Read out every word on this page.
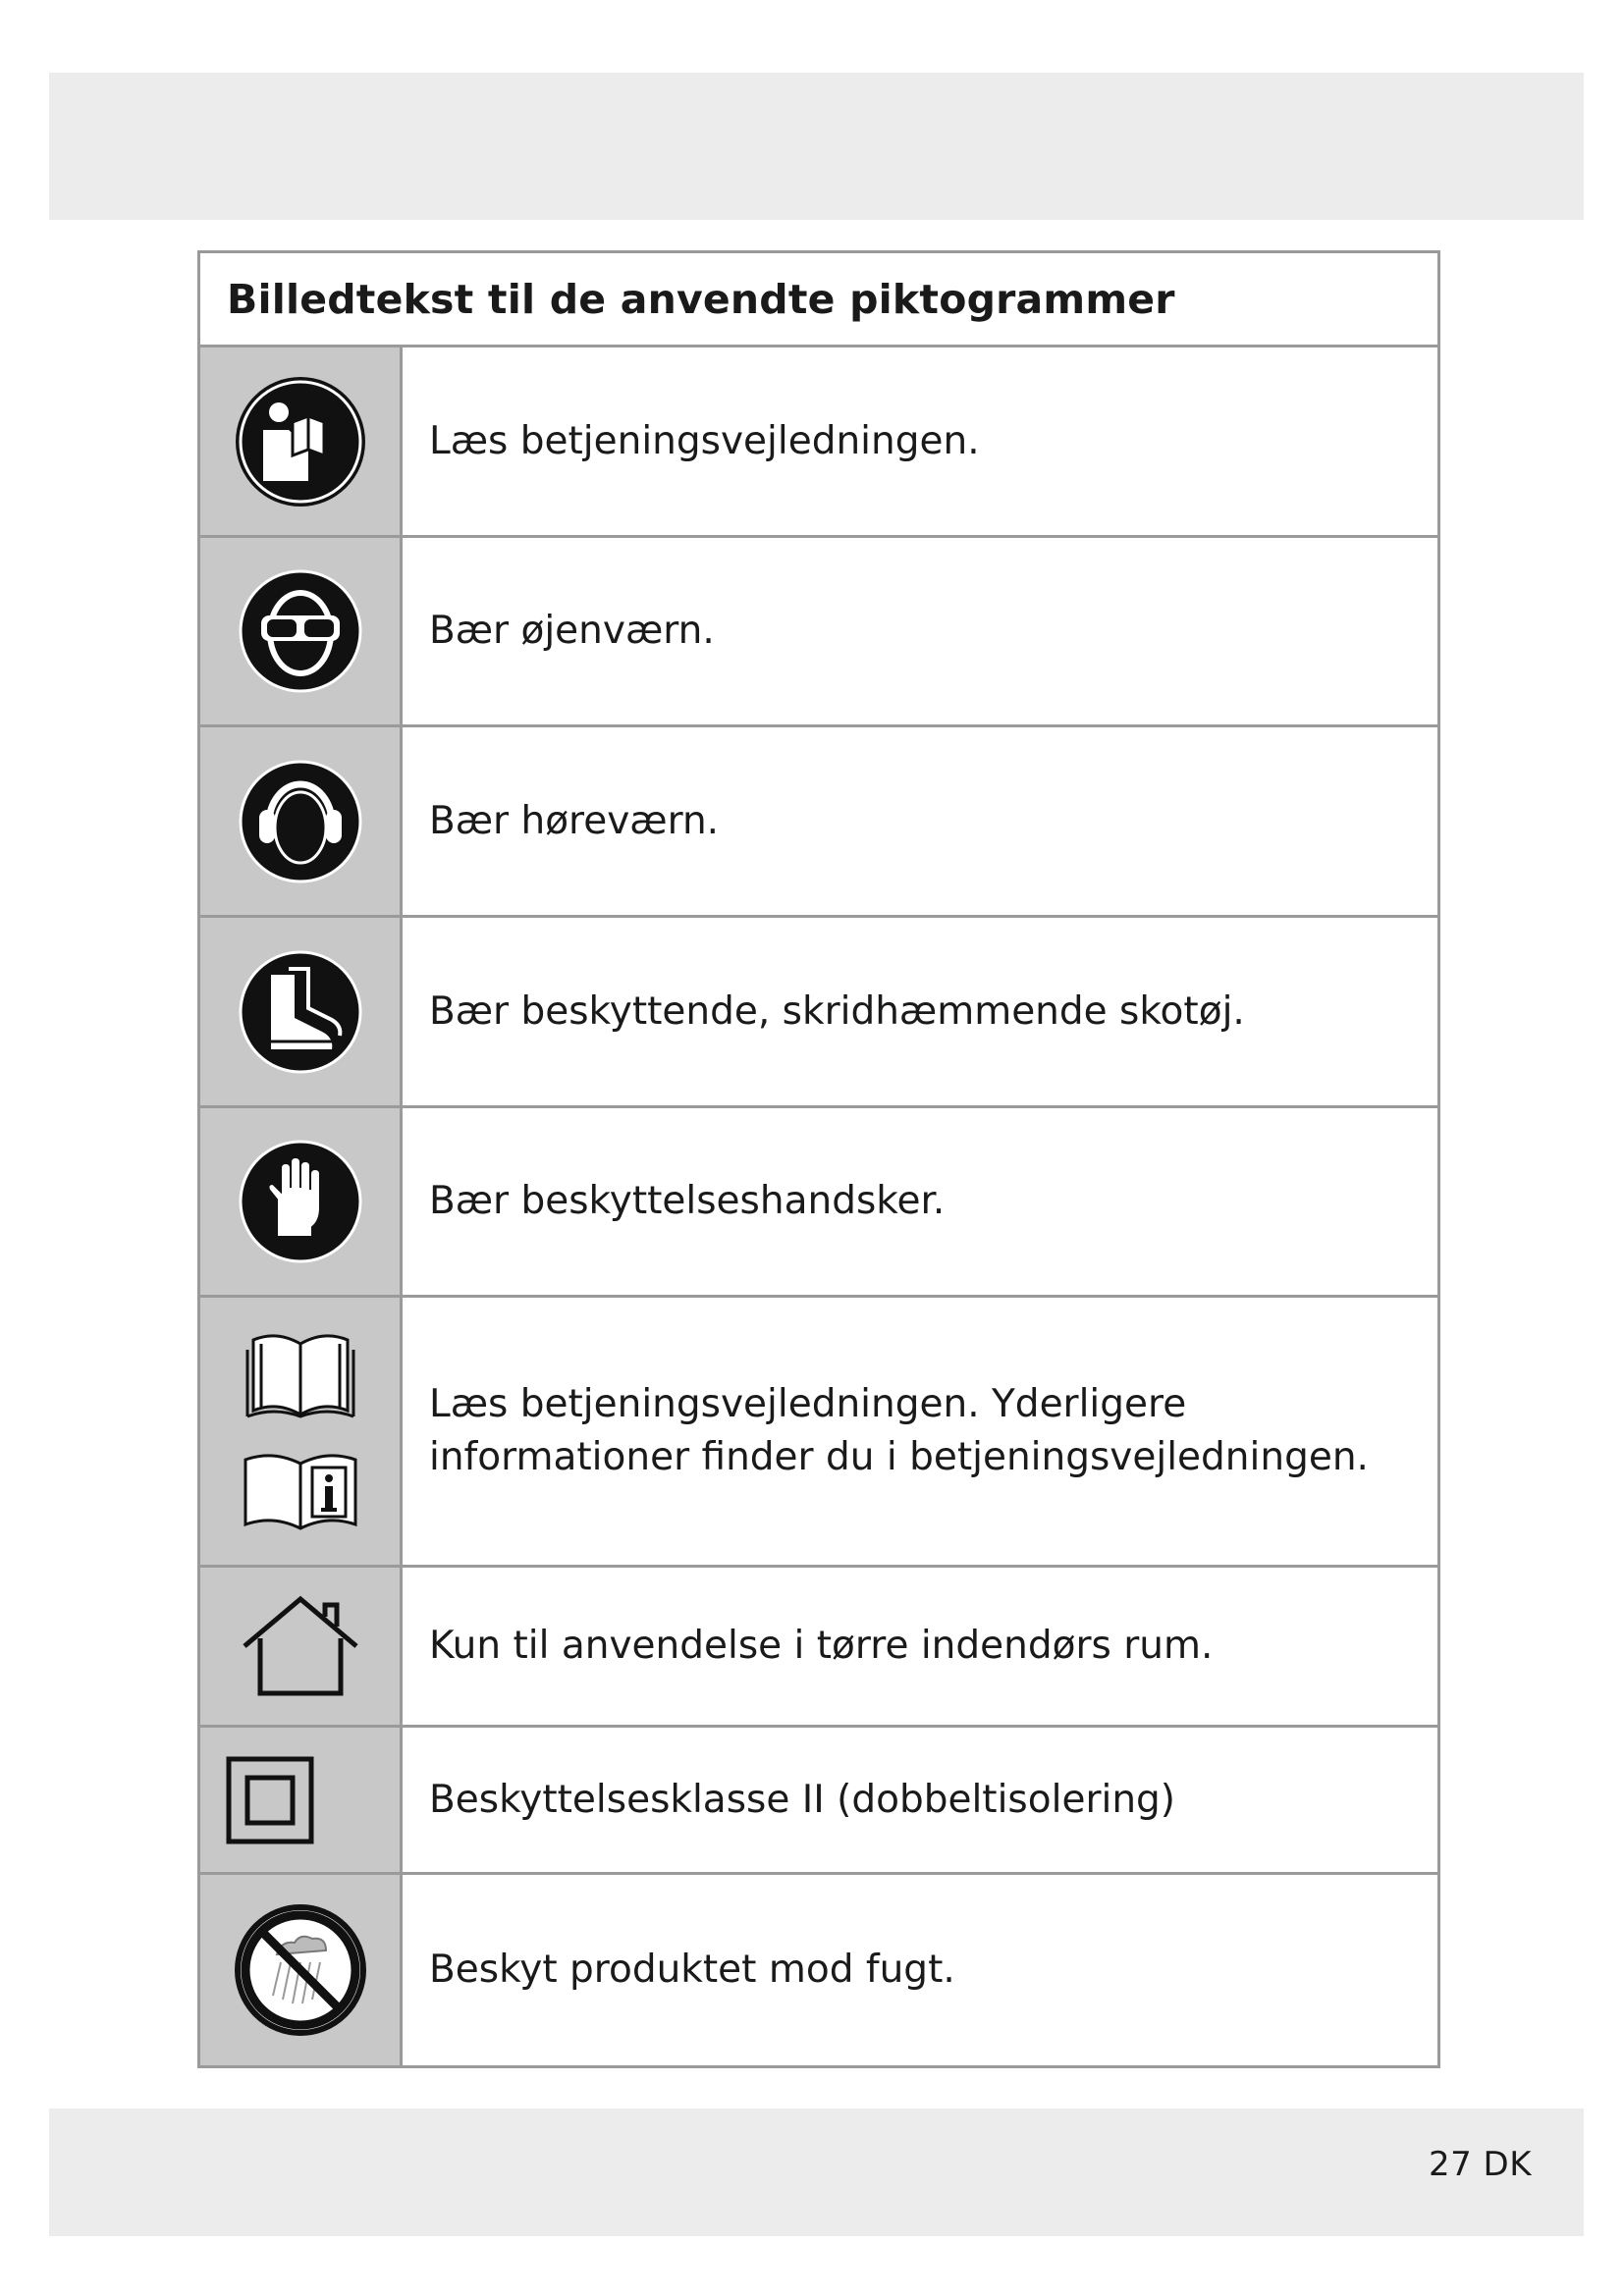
Billedtekst til de anvendte piktogrammer
Læs betjeningsvejledningen.
Bær øjenværn.
Bær høreværn.
Bær beskyttende, skridhæmmende skotøj.
Bær beskyttelseshandsker.
Læs betjeningsvejledningen. Yderligere informationer finder du i betjeningsvejledningen.
Kun til anvendelse i tørre indendørs rum.
Beskyttelsesklasse II (dobbeltisolering)
Beskyt produktet mod fugt.
27 DK
